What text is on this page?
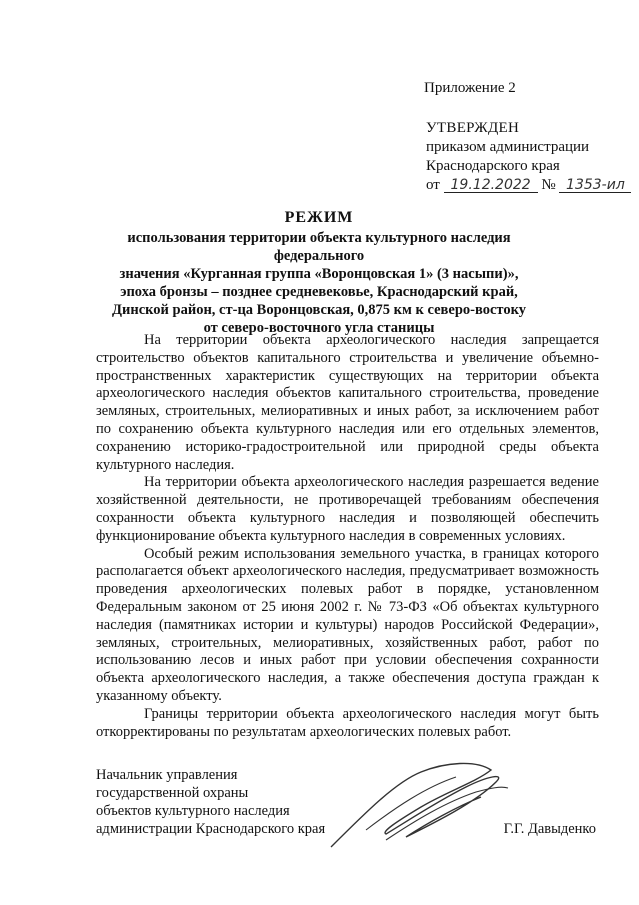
Приложение 2
УТВЕРЖДЕН
приказом администрации
Краснодарского края
от 19.12.2022 № 1353-ил
РЕЖИМ
использования территории объекта культурного наследия федерального
значения «Курганная группа «Воронцовская 1» (3 насыпи)»,
эпоха бронзы – позднее средневековье, Краснодарский край,
Динской район, ст-ца Воронцовская, 0,875 км к северо-востоку
от северо-восточного угла станицы

На территории объекта археологического наследия запрещается строительство объектов капитального строительства и увеличение объемно-пространственных характеристик существующих на территории объекта археологического наследия объектов капитального строительства, проведение земляных, строительных, мелиоративных и иных работ, за исключением работ по сохранению объекта культурного наследия или его отдельных элементов, сохранению историко-градостроительной или природной среды объекта культурного наследия.

На территории объекта археологического наследия разрешается ведение хозяйственной деятельности, не противоречащей требованиям обеспечения сохранности объекта культурного наследия и позволяющей обеспечить функционирование объекта культурного наследия в современных условиях.

Особый режим использования земельного участка, в границах которого располагается объект археологического наследия, предусматривает возможность проведения археологических полевых работ в порядке, установленном Федеральным законом от 25 июня 2002 г. № 73-ФЗ «Об объектах культурного наследия (памятниках истории и культуры) народов Российской Федерации», земляных, строительных, мелиоративных, хозяйственных работ, работ по использованию лесов и иных работ при условии обеспечения сохранности объекта археологического наследия, а также обеспечения доступа граждан к указанному объекту.

Границы территории объекта археологического наследия могут быть откорректированы по результатам археологических полевых работ.

Начальник управления
государственной охраны
объектов культурного наследия
администрации Краснодарского края	Г.Г. Давыденко
